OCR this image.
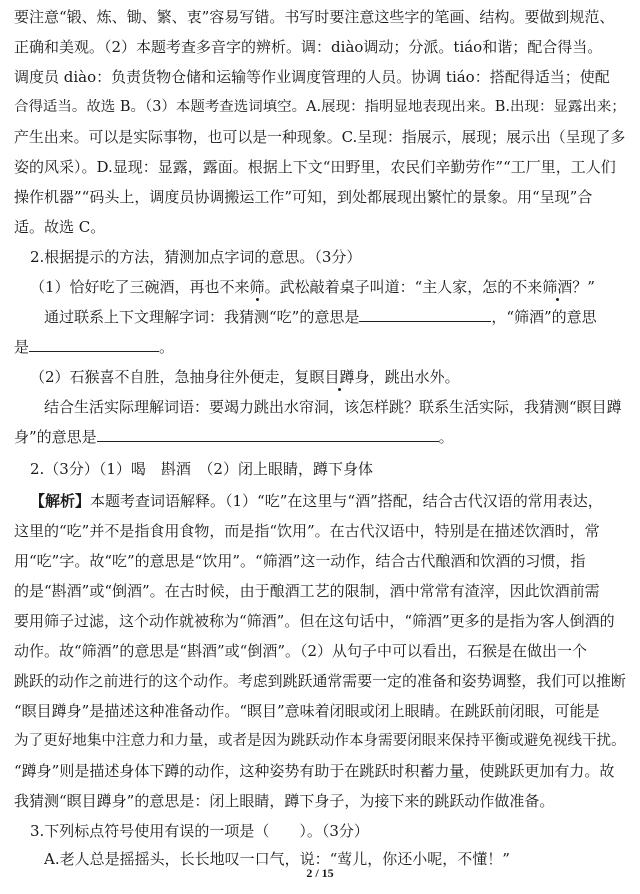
要注意“锻、炼、锄、繁、衷”容易写错。书写时要注意这些字的笔画、结构。要做到规范、
正确和美观。（2）本题考查多音字的辨析。调：diào调动；分派。tiáo和谐；配合得当。
调度员 diào：负责货物仓储和运输等作业调度管理的人员。协调 tiáo：搭配得适当；使配
合得适当。故选 B。（3）本题考查选词填空。A.展现：指明显地表现出来。B.出现：显露出来；
产生出来。可以是实际事物，也可以是一种现象。C.呈现：指展示，展现；展示出（呈现了多
姿的风采）。D.显现：显露，露面。根据上下文“田野里，农民们辛勤劳作”“工厂里，工人们
操作机器”“码头上，调度员协调搬运工作”可知，到处都展现出繁忙的景象。用“呈现”合
适。故选 C。
2.根据提示的方法，猜测加点字词的意思。（3分）
（1）恰好吃了三碗酒，再也不来筛。武松敲着桌子叫道：“主人家，怎的不来筛酒？”
通过联系上下文理解字词：我猜测“吃”的意思是	，“筛酒”的意思
是	。
（2）石猴喜不自胜，急抽身往外便走，复瞑目蹲身，跳出水外。
结合生活实际理解词语：要竭力跳出水帘洞，该怎样跳？联系生活实际，我猜测“瞑目蹲
身”的意思是	。
2.（3分）（1）喝　斟酒　（2）闭上眼睛，蹲下身体
【解析】本题考查词语解释。（1）“吃”在这里与“酒”搭配，结合古代汉语的常用表达，
这里的“吃”并不是指食用食物，而是指“饮用”。在古代汉语中，特别是在描述饮酒时，常
用“吃”字。故“吃”的意思是“饮用”。“筛酒”这一动作，结合古代酿酒和饮酒的习惯，指
的是“斟酒”或“倒酒”。在古时候，由于酿酒工艺的限制，酒中常常有渣滓，因此饮酒前需
要用筛子过滤，这个动作就被称为“筛酒”。但在这句话中，“筛酒”更多的是指为客人倒酒的
动作。故“筛酒”的意思是“斟酒”或“倒酒”。（2）从句子中可以看出，石猴是在做出一个
跳跃的动作之前进行的这个动作。考虑到跳跃通常需要一定的准备和姿势调整，我们可以推断
“瞑目蹲身”是描述这种准备动作。“瞑目”意味着闭眼或闭上眼睛。在跳跃前闭眼，可能是
为了更好地集中注意力和力量，或者是因为跳跃动作本身需要闭眼来保持平衡或避免视线干扰。
“蹲身”则是描述身体下蹲的动作，这种姿势有助于在跳跃时积蓄力量，使跳跃更加有力。故
我猜测“瞑目蹲身”的意思是：闭上眼睛，蹲下身子，为接下来的跳跃动作做准备。
3.下列标点符号使用有误的一项是（　　）。（3分）
A.老人总是摇摇头，长长地叹一口气，说：“莺儿，你还小呢，不懂！”
2 / 15
